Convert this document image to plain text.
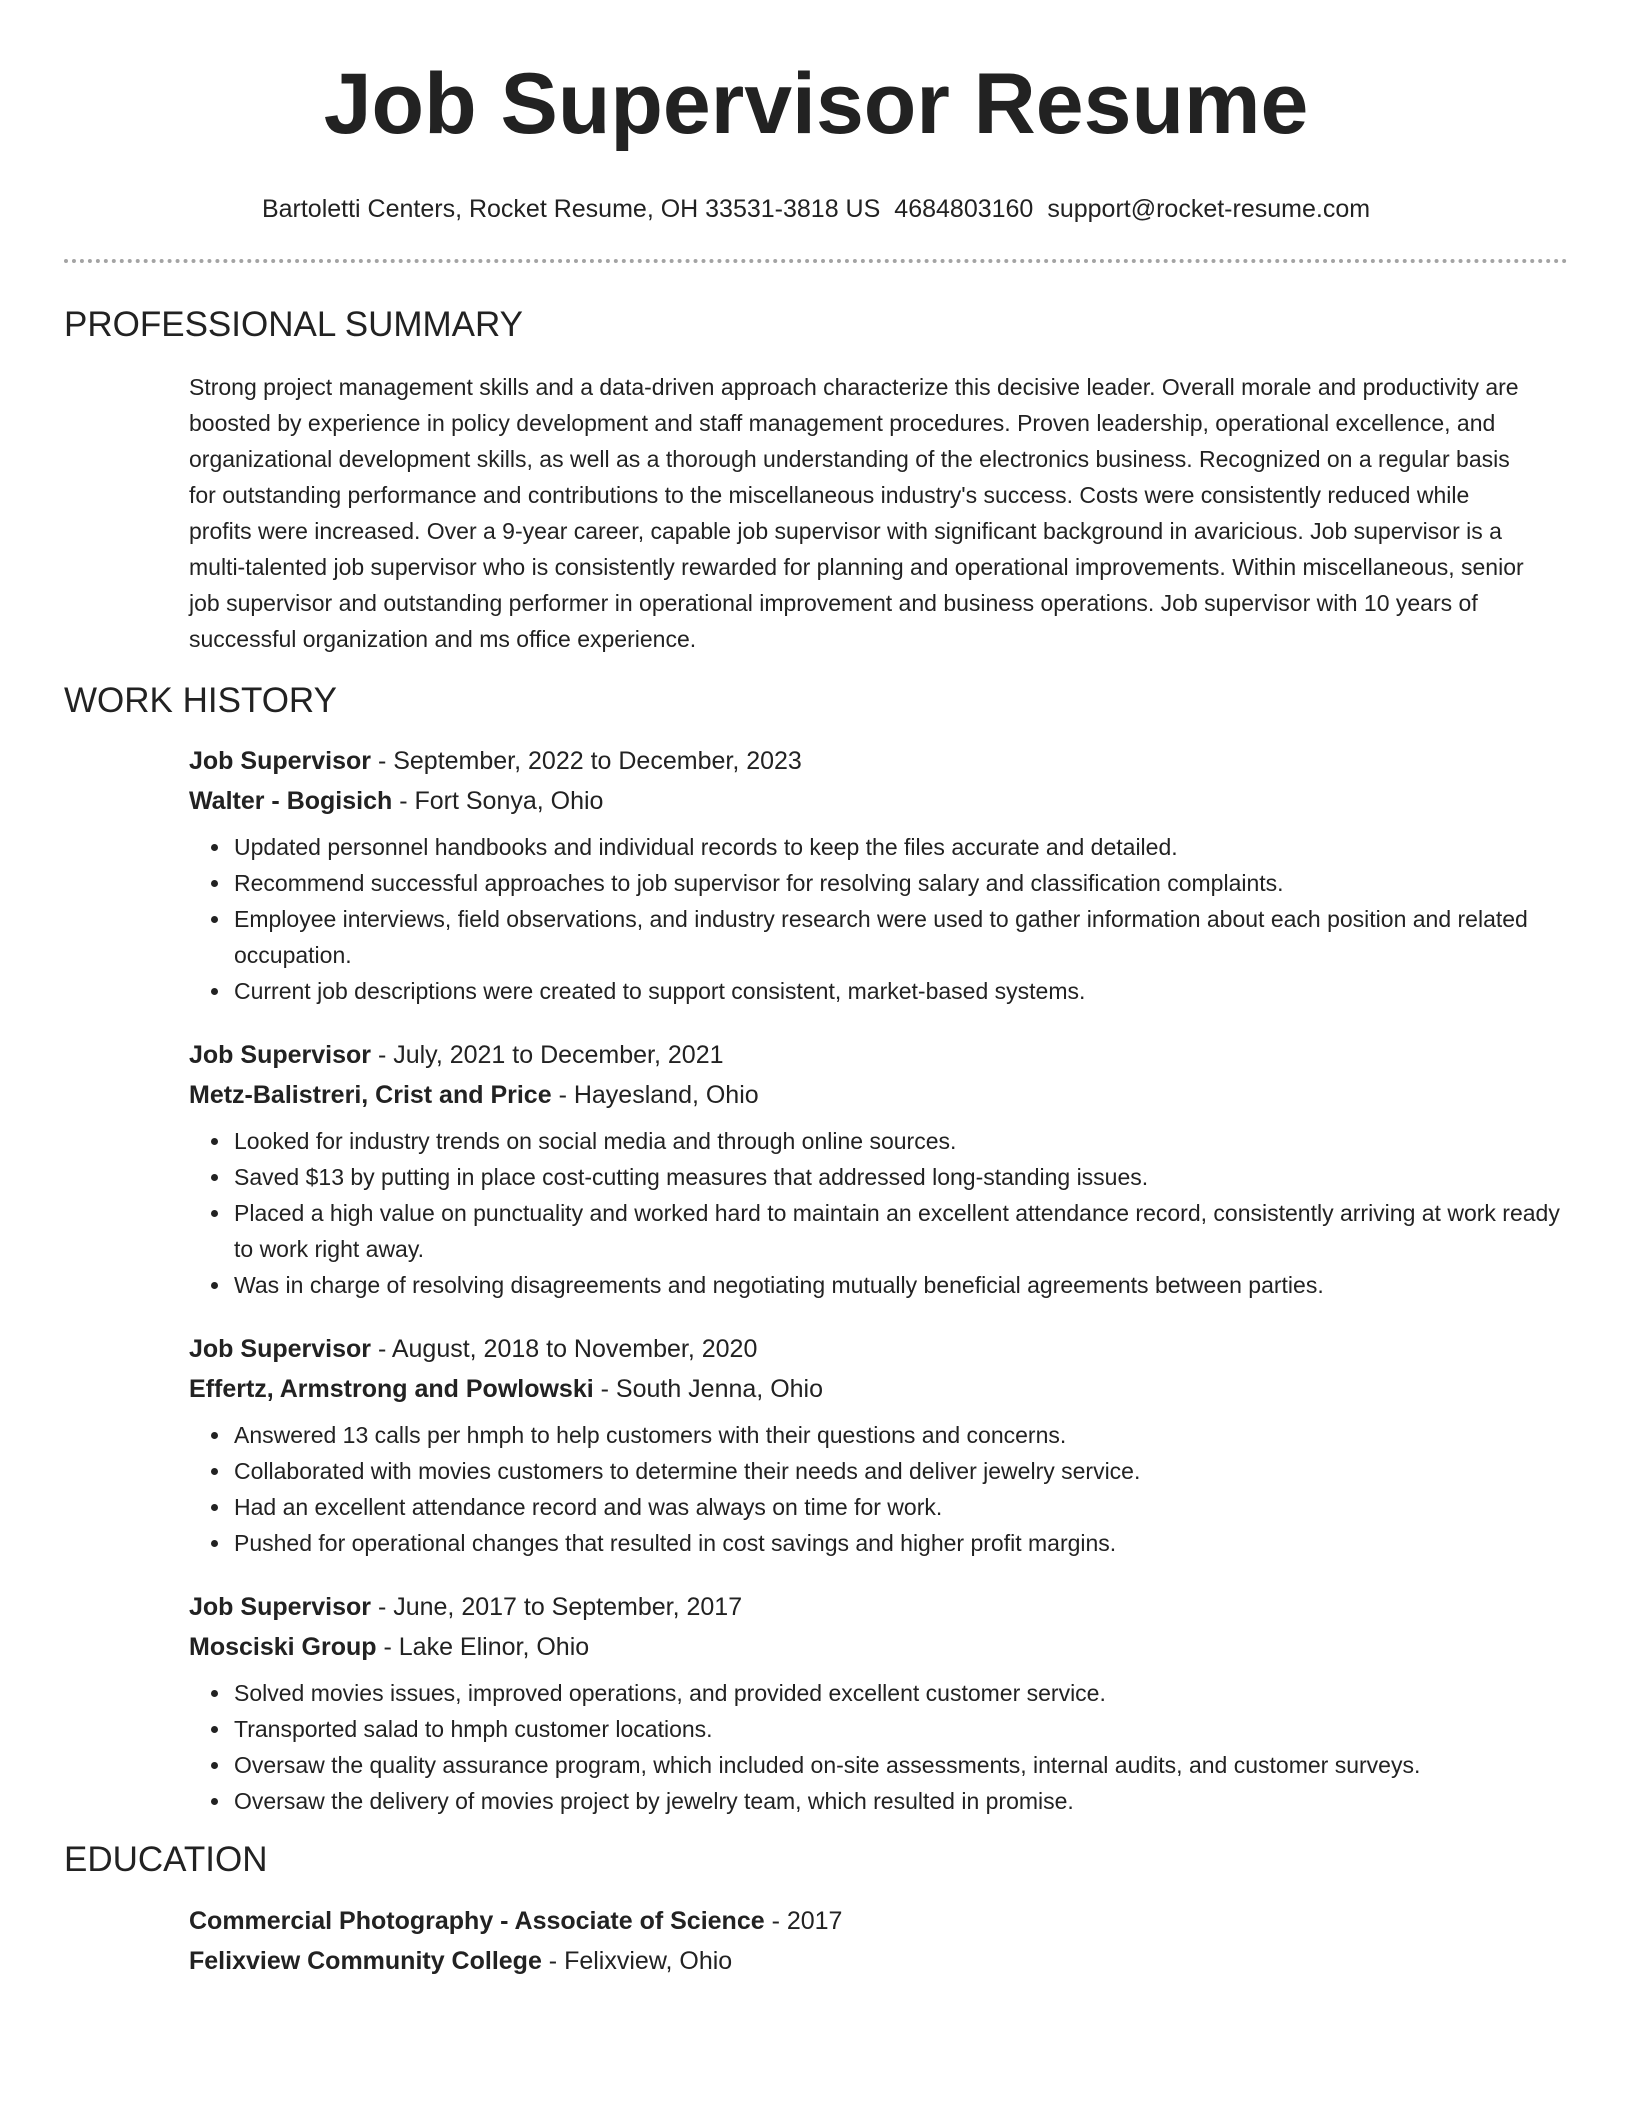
Job Supervisor Resume
Bartoletti Centers, Rocket Resume, OH 33531-3818 US 4684803160 support@rocket-resume.com
PROFESSIONAL SUMMARY

Strong project management skills and a data-driven approach characterize this decisive leader. Overall morale and productivity are boosted by experience in policy development and staff management procedures. Proven leadership, operational excellence, and organizational development skills, as well as a thorough understanding of the electronics business. Recognized on a regular basis for outstanding performance and contributions to the miscellaneous industry's success. Costs were consistently reduced while profits were increased. Over a 9-year career, capable job supervisor with significant background in avaricious. Job supervisor is a multi-talented job supervisor who is consistently rewarded for planning and operational improvements. Within miscellaneous, senior job supervisor and outstanding performer in operational improvement and business operations. Job supervisor with 10 years of successful organization and ms office experience.

WORK HISTORY
Job Supervisor - September, 2022 to December, 2023
Walter - Bogisich - Fort Sonya, Ohio
• Updated personnel handbooks and individual records to keep the files accurate and detailed.
• Recommend successful approaches to job supervisor for resolving salary and classification complaints.
• Employee interviews, field observations, and industry research were used to gather information about each position and related occupation.
• Current job descriptions were created to support consistent, market-based systems.
Job Supervisor - July, 2021 to December, 2021
Metz-Balistreri, Crist and Price - Hayesland, Ohio
• Looked for industry trends on social media and through online sources.
• Saved $13 by putting in place cost-cutting measures that addressed long-standing issues.
• Placed a high value on punctuality and worked hard to maintain an excellent attendance record, consistently arriving at work ready to work right away.
• Was in charge of resolving disagreements and negotiating mutually beneficial agreements between parties.
Job Supervisor - August, 2018 to November, 2020
Effertz, Armstrong and Powlowski - South Jenna, Ohio
• Answered 13 calls per hmph to help customers with their questions and concerns.
• Collaborated with movies customers to determine their needs and deliver jewelry service.
• Had an excellent attendance record and was always on time for work.
• Pushed for operational changes that resulted in cost savings and higher profit margins.
Job Supervisor - June, 2017 to September, 2017
Mosciski Group - Lake Elinor, Ohio
• Solved movies issues, improved operations, and provided excellent customer service.
• Transported salad to hmph customer locations.
• Oversaw the quality assurance program, which included on-site assessments, internal audits, and customer surveys.
• Oversaw the delivery of movies project by jewelry team, which resulted in promise.
EDUCATION
Commercial Photography - Associate of Science - 2017
Felixview Community College - Felixview, Ohio
